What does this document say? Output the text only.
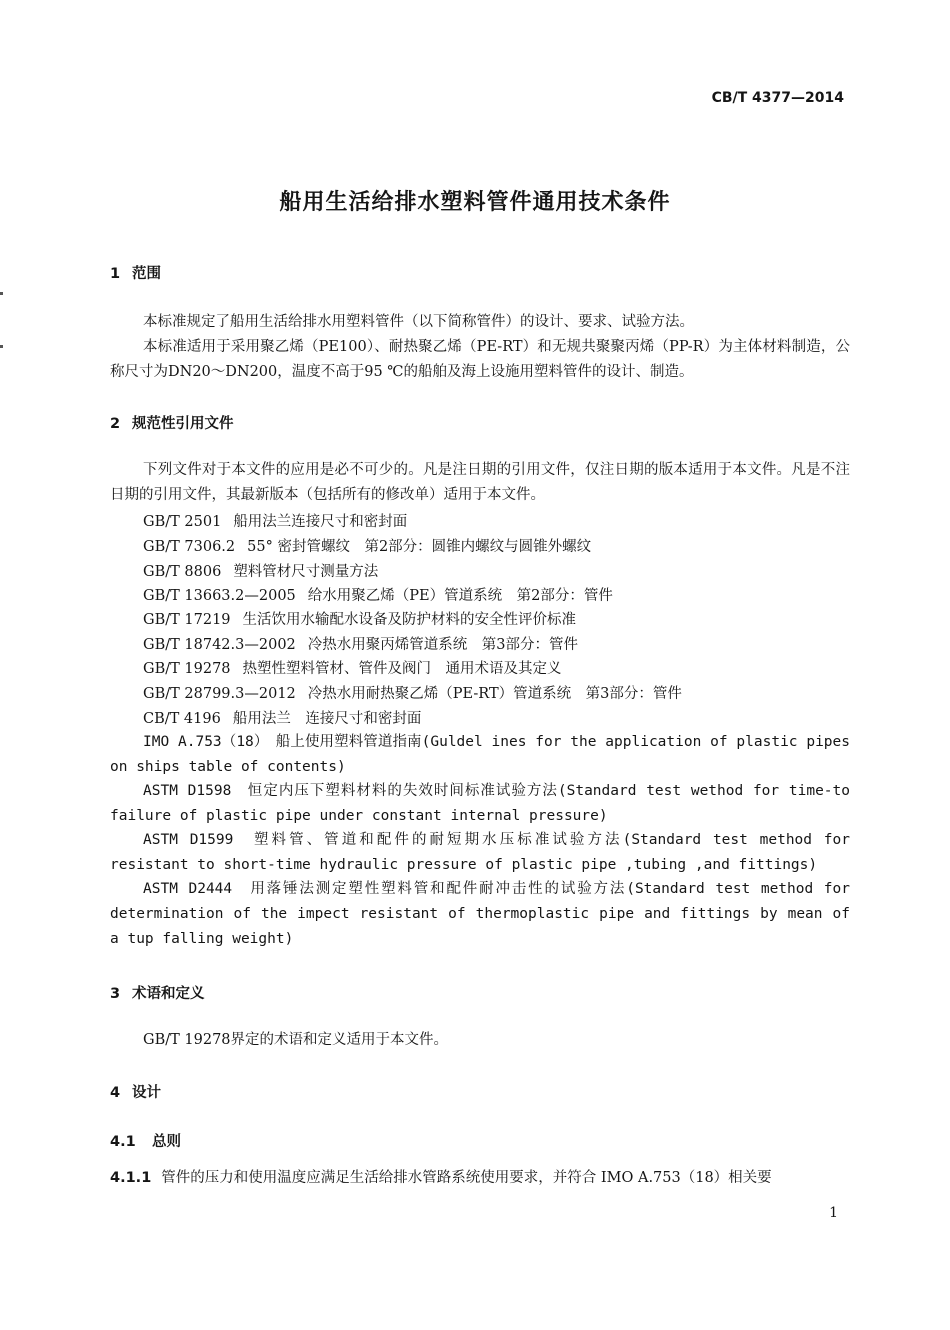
CB/T 4377—2014
船用生活给排水塑料管件通用技术条件
1 范围
本标准规定了船用生活给排水用塑料管件（以下简称管件）的设计、要求、试验方法。
本标准适用于采用聚乙烯（PE100）、耐热聚乙烯（PE-RT）和无规共聚聚丙烯（PP-R）为主体材料制造，公称尺寸为DN20～DN200，温度不高于95 ℃的船舶及海上设施用塑料管件的设计、制造。
2 规范性引用文件
下列文件对于本文件的应用是必不可少的。凡是注日期的引用文件，仅注日期的版本适用于本文件。凡是不注日期的引用文件，其最新版本（包括所有的修改单）适用于本文件。
GB/T 2501 船用法兰连接尺寸和密封面
GB/T 7306.2 55° 密封管螺纹　第2部分：圆锥内螺纹与圆锥外螺纹
GB/T 8806 塑料管材尺寸测量方法
GB/T 13663.2—2005 给水用聚乙烯（PE）管道系统　第2部分：管件
GB/T 17219 生活饮用水输配水设备及防护材料的安全性评价标准
GB/T 18742.3—2002 冷热水用聚丙烯管道系统　第3部分：管件
GB/T 19278 热塑性塑料管材、管件及阀门　通用术语及其定义
GB/T 28799.3—2012 冷热水用耐热聚乙烯（PE-RT）管道系统　第3部分：管件
CB/T 4196 船用法兰　连接尺寸和密封面
IMO A.753（18）　船上使用塑料管道指南(Guldel ines for the application of plastic pipes on ships table of contents)
ASTM D1598　恒定内压下塑料材料的失效时间标准试验方法(Standard test wethod for time-to failure of plastic pipe under constant internal pressure)
ASTM D1599　塑料管、管道和配件的耐短期水压标准试验方法(Standard test method for resistant to short-time hydraulic pressure of plastic pipe ,tubing ,and fittings)
ASTM D2444　用落锤法测定塑性塑料管和配件耐冲击性的试验方法(Standard test method for determination of the impect resistant of thermoplastic pipe and fittings by mean of a tup falling weight)
3 术语和定义
GB/T 19278界定的术语和定义适用于本文件。
4 设计
4.1 总则
4.1.1 管件的压力和使用温度应满足生活给排水管路系统使用要求，并符合 IMO A.753（18）相关要
1
